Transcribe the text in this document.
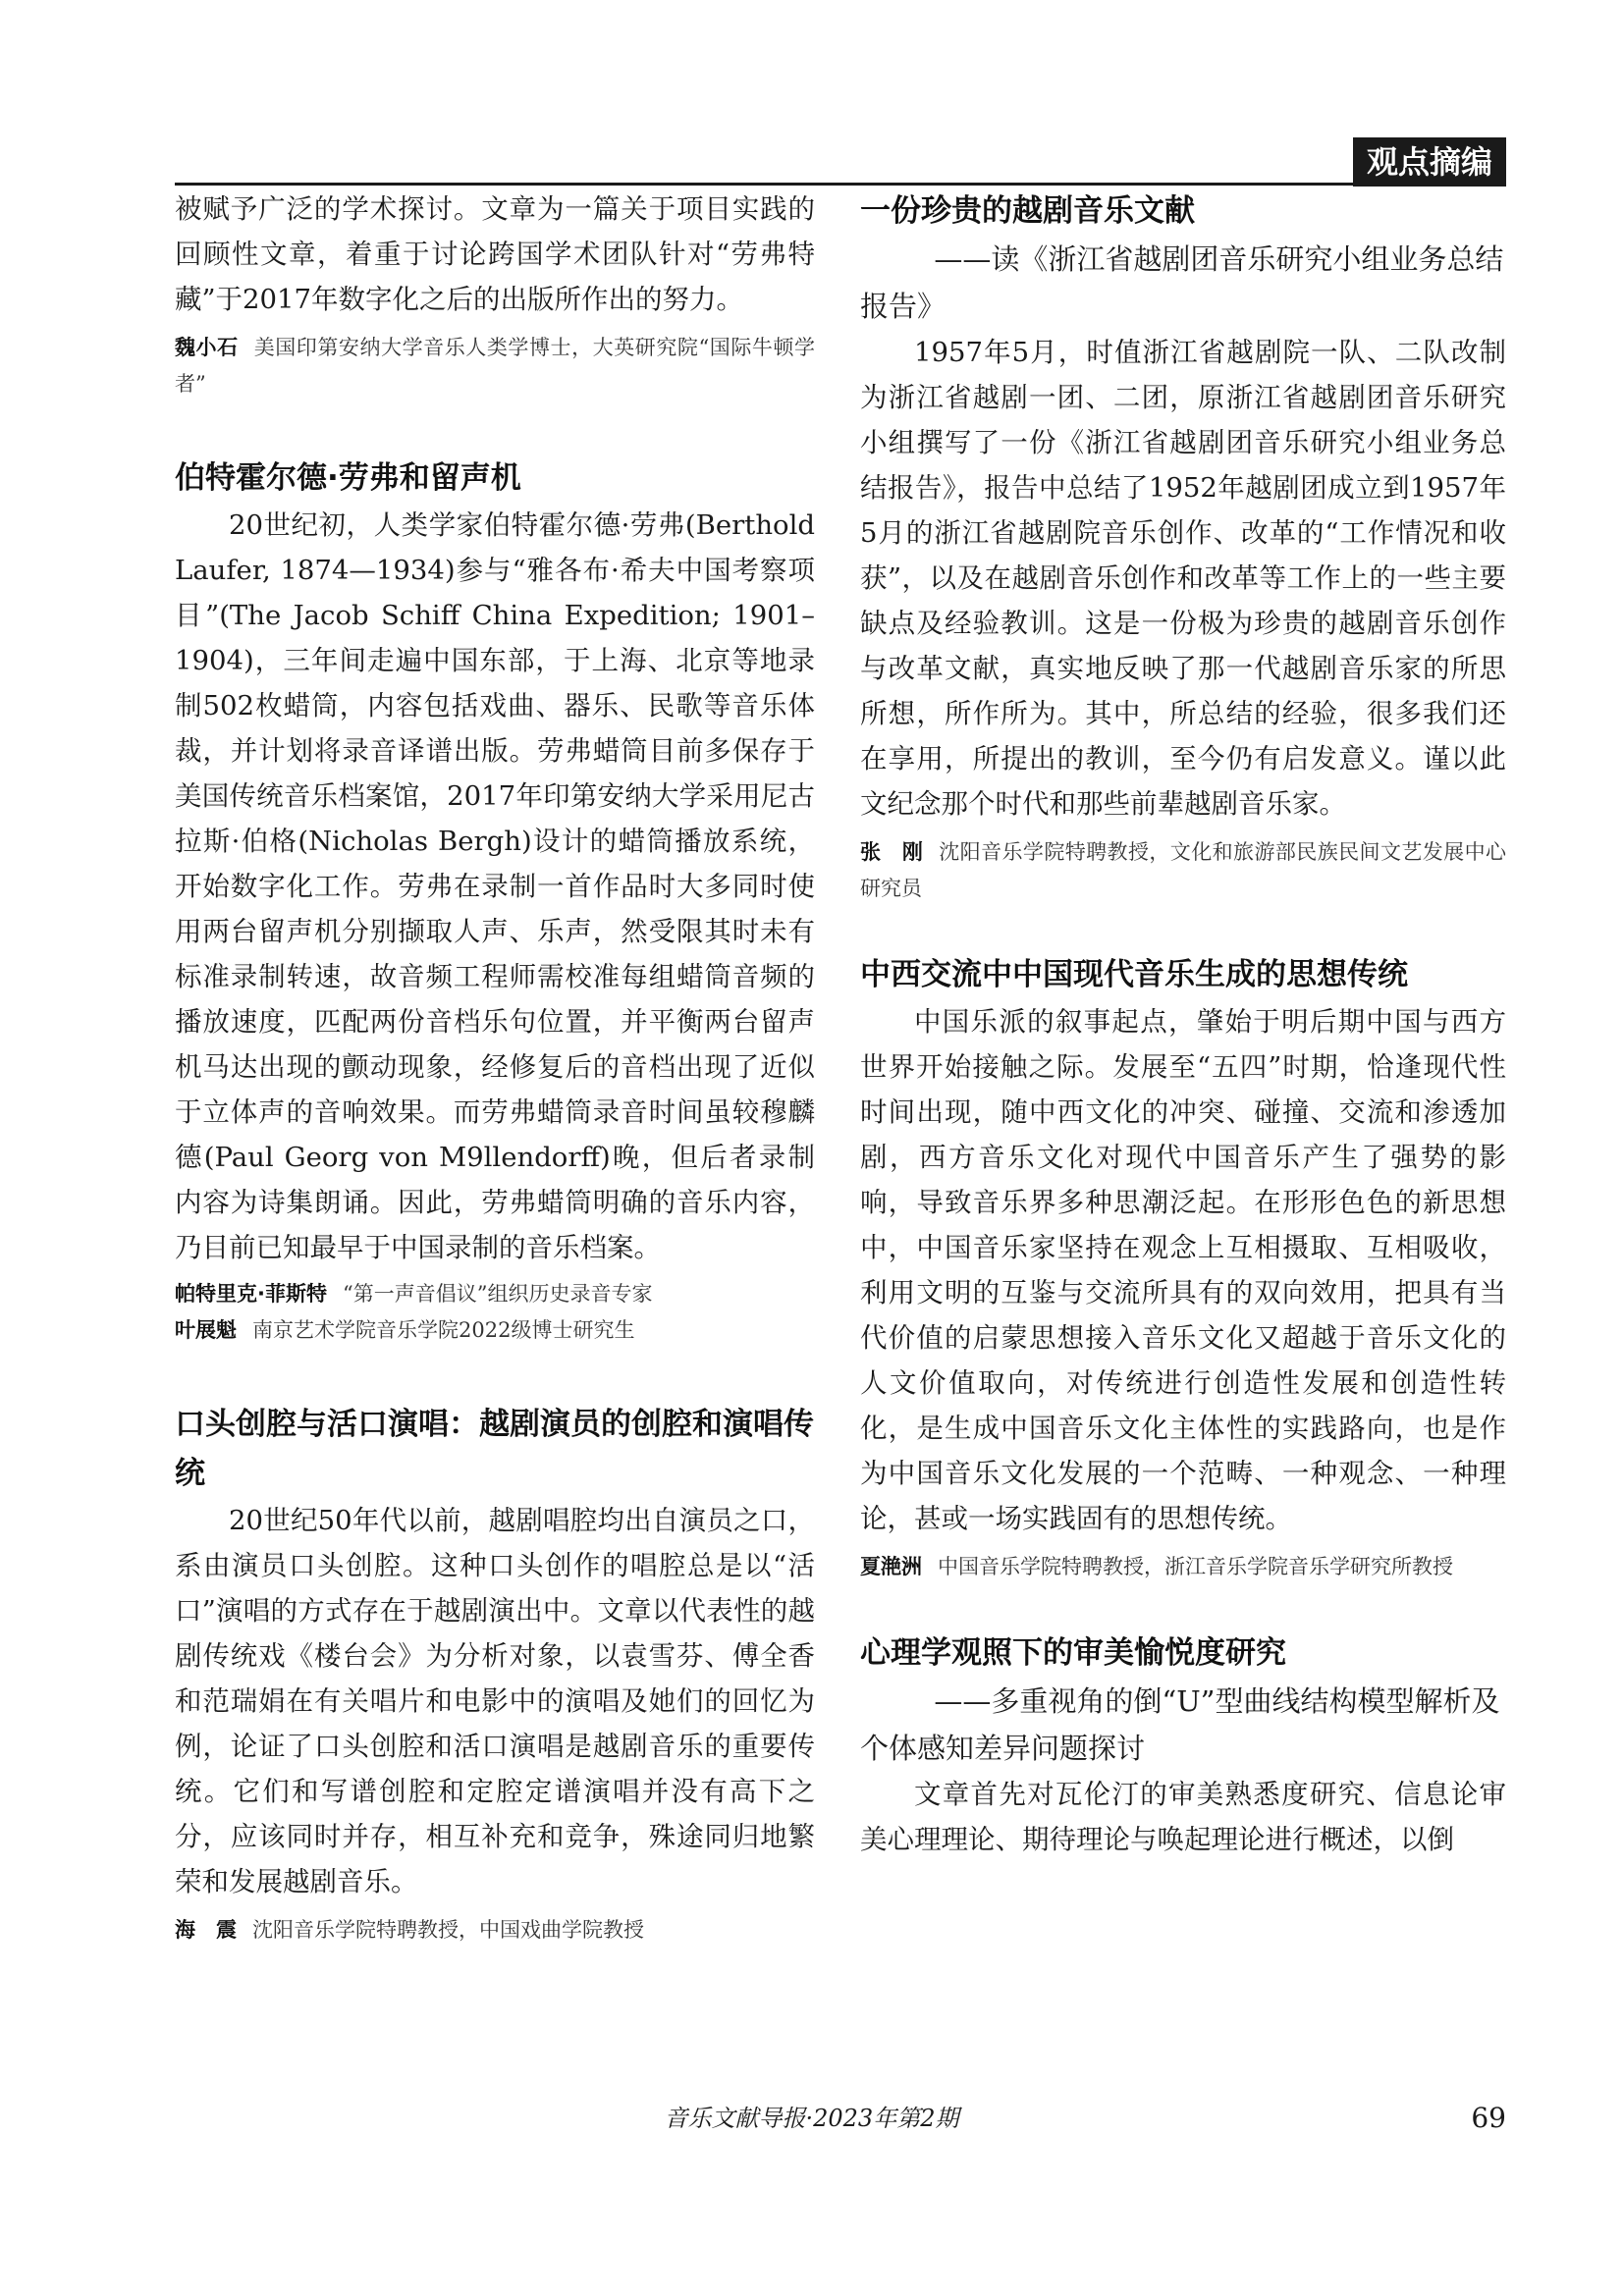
观点摘编

被赋予广泛的学术探讨。文章为一篇关于项目实践的回顾性文章，着重于讨论跨国学术团队针对“劳弗特藏”于2017年数字化之后的出版所作出的努力。

魏小石 美国印第安纳大学音乐人类学博士，大英研究院“国际牛顿学者”

伯特霍尔德·劳弗和留声机

20世纪初，人类学家伯特霍尔德·劳弗(Berthold Laufer, 1874—1934)参与“雅各布·希夫中国考察项目”(The Jacob Schiff China Expedition; 1901–1904)，三年间走遍中国东部，于上海、北京等地录制502枚蜡筒，内容包括戏曲、器乐、民歌等音乐体裁，并计划将录音译谱出版。劳弗蜡筒目前多保存于美国传统音乐档案馆，2017年印第安纳大学采用尼古拉斯·伯格(Nicholas Bergh)设计的蜡筒播放系统，开始数字化工作。劳弗在录制一首作品时大多同时使用两台留声机分别撷取人声、乐声，然受限其时未有标准录制转速，故音频工程师需校准每组蜡筒音频的播放速度，匹配两份音档乐句位置，并平衡两台留声机马达出现的颤动现象，经修复后的音档出现了近似于立体声的音响效果。而劳弗蜡筒录音时间虽较穆麟德(Paul Georg von M9llendorff)晚，但后者录制内容为诗集朗诵。因此，劳弗蜡筒明确的音乐内容，乃目前已知最早于中国录制的音乐档案。

帕特里克·菲斯特 “第一声音倡议”组织历史录音专家

叶展魁 南京艺术学院音乐学院2022级博士研究生

口头创腔与活口演唱：越剧演员的创腔和演唱传统

20世纪50年代以前，越剧唱腔均出自演员之口，系由演员口头创腔。这种口头创作的唱腔总是以“活口”演唱的方式存在于越剧演出中。文章以代表性的越剧传统戏《楼台会》为分析对象，以袁雪芬、傅全香和范瑞娟在有关唱片和电影中的演唱及她们的回忆为例，论证了口头创腔和活口演唱是越剧音乐的重要传统。它们和写谱创腔和定腔定谱演唱并没有高下之分，应该同时并存，相互补充和竞争，殊途同归地繁荣和发展越剧音乐。

海　震 沈阳音乐学院特聘教授，中国戏曲学院教授

一份珍贵的越剧音乐文献

——读《浙江省越剧团音乐研究小组业务总结报告》

1957年5月，时值浙江省越剧院一队、二队改制为浙江省越剧一团、二团，原浙江省越剧团音乐研究小组撰写了一份《浙江省越剧团音乐研究小组业务总结报告》，报告中总结了1952年越剧团成立到1957年5月的浙江省越剧院音乐创作、改革的“工作情况和收获”，以及在越剧音乐创作和改革等工作上的一些主要缺点及经验教训。这是一份极为珍贵的越剧音乐创作与改革文献，真实地反映了那一代越剧音乐家的所思所想，所作所为。其中，所总结的经验，很多我们还在享用，所提出的教训，至今仍有启发意义。谨以此文纪念那个时代和那些前辈越剧音乐家。

张　刚 沈阳音乐学院特聘教授，文化和旅游部民族民间文艺发展中心研究员

中西交流中中国现代音乐生成的思想传统

中国乐派的叙事起点，肇始于明后期中国与西方世界开始接触之际。发展至“五四”时期，恰逢现代性时间出现，随中西文化的冲突、碰撞、交流和渗透加剧，西方音乐文化对现代中国音乐产生了强势的影响，导致音乐界多种思潮泛起。在形形色色的新思想中，中国音乐家坚持在观念上互相摄取、互相吸收，利用文明的互鉴与交流所具有的双向效用，把具有当代价值的启蒙思想接入音乐文化又超越于音乐文化的人文价值取向，对传统进行创造性发展和创造性转化，是生成中国音乐文化主体性的实践路向，也是作为中国音乐文化发展的一个范畴、一种观念、一种理论，甚或一场实践固有的思想传统。

夏滟洲 中国音乐学院特聘教授，浙江音乐学院音乐学研究所教授

心理学观照下的审美愉悦度研究

——多重视角的倒“U”型曲线结构模型解析及个体感知差异问题探讨

文章首先对瓦伦汀的审美熟悉度研究、信息论审美心理理论、期待理论与唤起理论进行概述，以倒

音乐文献导报·2023年第2期	69
